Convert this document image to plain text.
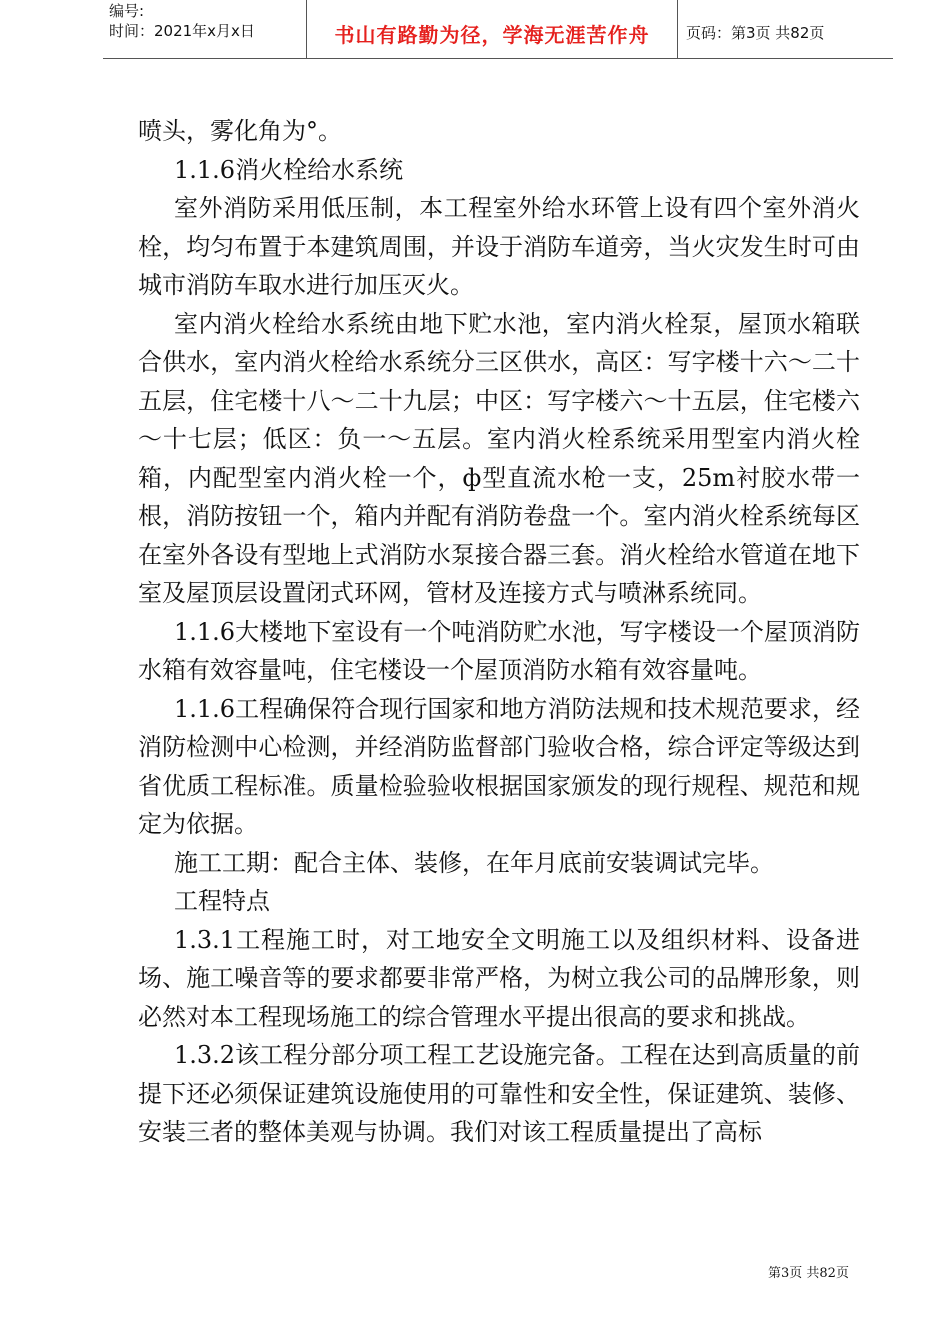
编号:
时间：2021年x月x日	书山有路勤为径，学海无涯苦作舟	页码：第3页 共82页

喷头，雾化角为°。

1.1.6消火栓给水系统

室外消防采用低压制，本工程室外给水环管上设有四个室外消火栓，均匀布置于本建筑周围，并设于消防车道旁，当火灾发生时可由城市消防车取水进行加压灭火。

室内消火栓给水系统由地下贮水池，室内消火栓泵，屋顶水箱联合供水，室内消火栓给水系统分三区供水，高区：写字楼十六～二十五层，住宅楼十八～二十九层；中区：写字楼六～十五层，住宅楼六～十七层；低区：负一～五层。室内消火栓系统采用型室内消火栓箱，内配型室内消火栓一个，ф型直流水枪一支，25m衬胶水带一根，消防按钮一个，箱内并配有消防卷盘一个。室内消火栓系统每区在室外各设有型地上式消防水泵接合器三套。消火栓给水管道在地下室及屋顶层设置闭式环网，管材及连接方式与喷淋系统同。

1.1.6大楼地下室设有一个吨消防贮水池，写字楼设一个屋顶消防水箱有效容量吨，住宅楼设一个屋顶消防水箱有效容量吨。

1.1.6工程确保符合现行国家和地方消防法规和技术规范要求，经消防检测中心检测，并经消防监督部门验收合格，综合评定等级达到省优质工程标准。质量检验验收根据国家颁发的现行规程、规范和规定为依据。

施工工期：配合主体、装修，在年月底前安装调试完毕。

工程特点

1.3.1工程施工时，对工地安全文明施工以及组织材料、设备进场、施工噪音等的要求都要非常严格，为树立我公司的品牌形象，则必然对本工程现场施工的综合管理水平提出很高的要求和挑战。

1.3.2该工程分部分项工程工艺设施完备。工程在达到高质量的前提下还必须保证建筑设施使用的可靠性和安全性，保证建筑、装修、安装三者的整体美观与协调。我们对该工程质量提出了高标

第3页 共82页
